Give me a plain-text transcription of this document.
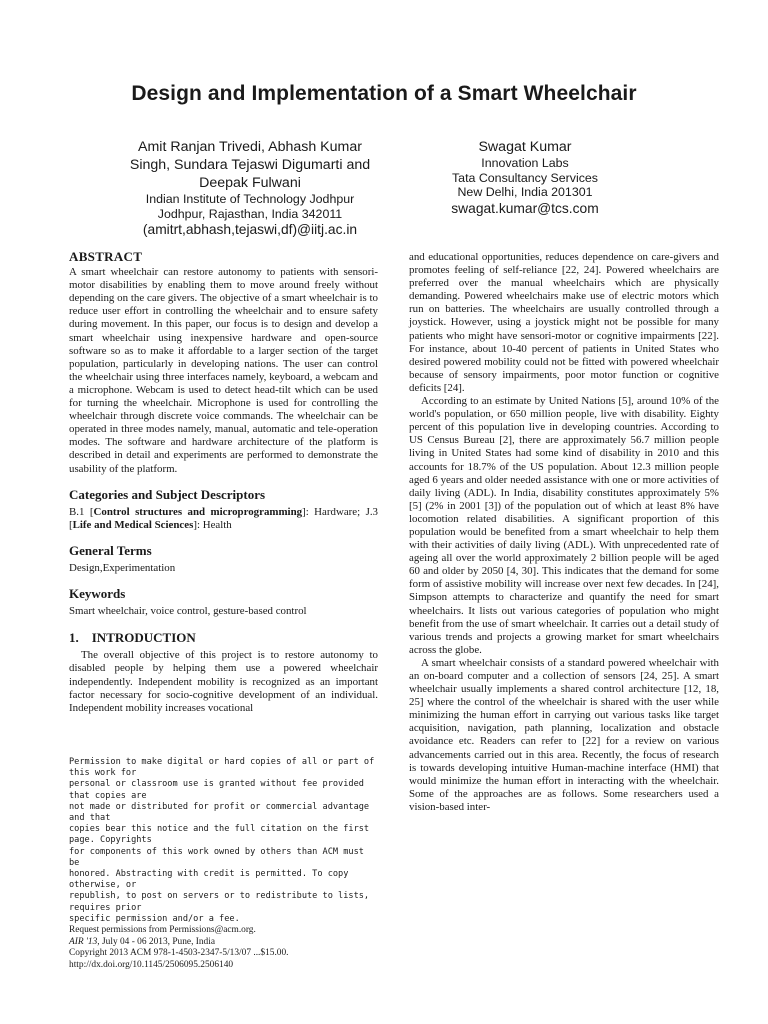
Design and Implementation of a Smart Wheelchair
Amit Ranjan Trivedi, Abhash Kumar
Singh, Sundara Tejaswi Digumarti and
Deepak Fulwani
Indian Institute of Technology Jodhpur
Jodhpur, Rajasthan, India 342011
(amitrt,abhash,tejaswi,df)@iitj.ac.in
Swagat Kumar
Innovation Labs
Tata Consultancy Services
New Delhi, India 201301
swagat.kumar@tcs.com
ABSTRACT

A smart wheelchair can restore autonomy to patients with sensori-motor disabilities by enabling them to move around freely without depending on the care givers. The objective of a smart wheelchair is to reduce user effort in controlling the wheelchair and to ensure safety during movement. In this paper, our focus is to design and develop a smart wheelchair using inexpensive hardware and open-source software so as to make it affordable to a larger section of the target population, particularly in developing nations. The user can control the wheelchair using three interfaces namely, keyboard, a webcam and a microphone. Webcam is used to detect head-tilt which can be used for turning the wheelchair. Microphone is used for controlling the wheelchair through discrete voice commands. The wheelchair can be operated in three modes namely, manual, automatic and tele-operation modes. The software and hardware architecture of the platform is described in detail and experiments are performed to demonstrate the usability of the platform.

Categories and Subject Descriptors

B.1 [Control structures and microprogramming]: Hardware; J.3 [Life and Medical Sciences]: Health

General Terms

Design,Experimentation

Keywords

Smart wheelchair, voice control, gesture-based control

1.    INTRODUCTION

The overall objective of this project is to restore autonomy to disabled people by helping them use a powered wheelchair independently. Independent mobility is recognized as an important factor necessary for socio-cognitive development of an individual. Independent mobility increases vocational

Permission to make digital or hard copies of all or part of this work for

personal or classroom use is granted without fee provided that copies are

not made or distributed for profit or commercial advantage and that

copies bear this notice and the full citation on the first page. Copyrights

for components of this work owned by others than ACM must be

honored. Abstracting with credit is permitted. To copy otherwise, or

republish, to post on servers or to redistribute to lists, requires prior

specific permission and/or a fee.

Request permissions from Permissions@acm.org.

AIR '13, July 04 - 06 2013, Pune, India

Copyright 2013 ACM 978-1-4503-2347-5/13/07 ...$15.00.

http://dx.doi.org/10.1145/2506095.2506140

and educational opportunities, reduces dependence on care-givers and promotes feeling of self-reliance [22, 24]. Powered wheelchairs are preferred over the manual wheelchairs which are physically demanding. Powered wheelchairs make use of electric motors which run on batteries. The wheelchairs are usually controlled through a joystick. However, using a joystick might not be possible for many patients who might have sensori-motor or cognitive impairments [22]. For instance, about 10-40 percent of patients in United States who desired powered mobility could not be fitted with powered wheelchair because of sensory impairments, poor motor function or cognitive deficits [24].

According to an estimate by United Nations [5], around 10% of the world's population, or 650 million people, live with disability. Eighty percent of this population live in developing countries. According to US Census Bureau [2], there are approximately 56.7 million people living in United States had some kind of disability in 2010 and this accounts for 18.7% of the US population. About 12.3 million people aged 6 years and older needed assistance with one or more activities of daily living (ADL). In India, disability constitutes approximately 5% [5] (2% in 2001 [3]) of the population out of which at least 8% have locomotion related disabilities. A significant proportion of this population would be benefited from a smart wheelchair to help them with their activities of daily living (ADL). With unprecedented rate of ageing all over the world approximately 2 billion people will be aged 60 and older by 2050 [4, 30]. This indicates that the demand for some form of assistive mobility will increase over next few decades. In [24], Simpson attempts to characterize and quantify the need for smart wheelchairs. It lists out various categories of population who might benefit from the use of smart wheelchair. It carries out a detail study of various trends and projects a growing market for smart wheelchairs across the globe.

A smart wheelchair consists of a standard powered wheelchair with an on-board computer and a collection of sensors [24, 25]. A smart wheelchair usually implements a shared control architecture [12, 18, 25] where the control of the wheelchair is shared with the user while minimizing the human effort in carrying out various tasks like target acquisition, navigation, path planning, localization and obstacle avoidance etc. Readers can refer to [22] for a review on various advancements carried out in this area. Recently, the focus of research is towards developing intuitive Human-machine interface (HMI) that would minimize the human effort in interacting with the wheelchair. Some of the approaches are as follows. Some researchers used a vision-based inter-
